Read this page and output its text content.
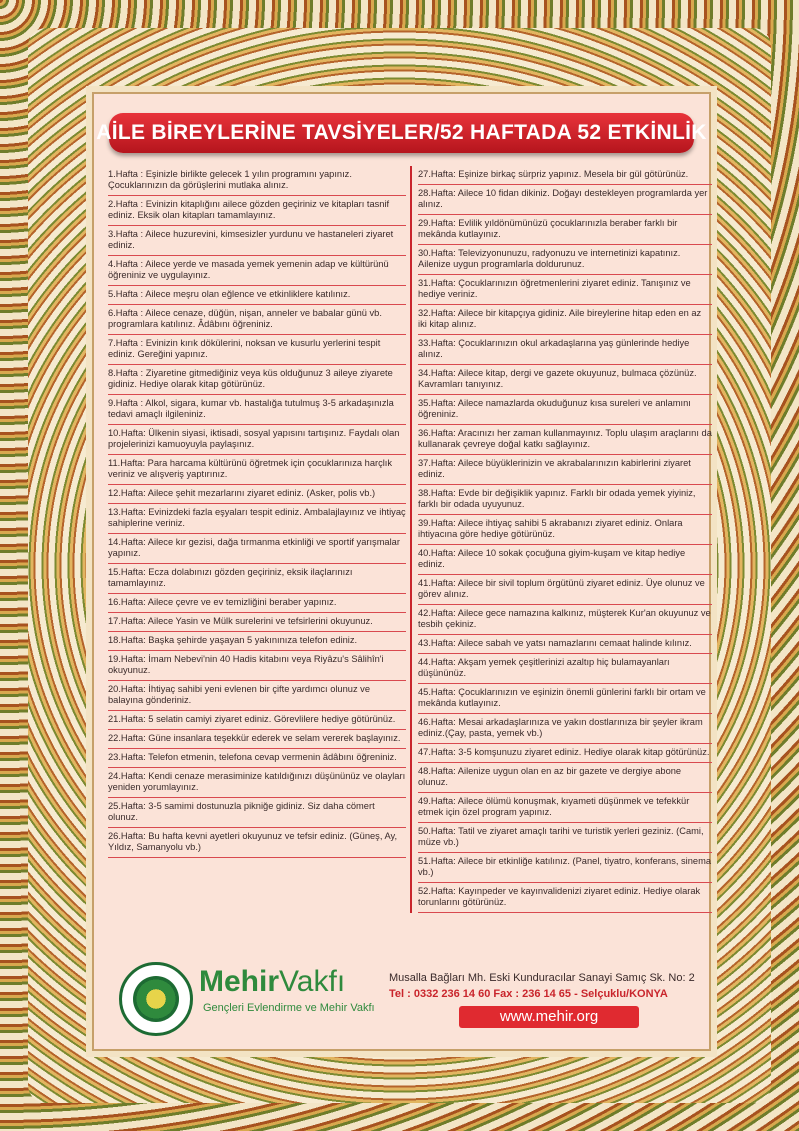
AİLE BİREYLERİNE TAVSİYELER/52 HAFTADA 52 ETKİNLİK
1.Hafta : Eşinizle birlikte gelecek 1 yılın programını yapınız. Çocuklarınızın da görüşlerini mutlaka alınız.
2.Hafta : Evinizin kitaplığını ailece gözden geçiriniz ve kitapları tasnif ediniz. Eksik olan kitapları tamamlayınız.
3.Hafta : Ailece huzurevini, kimsesizler yurdunu ve hastaneleri ziyaret ediniz.
4.Hafta : Ailece yerde ve masada yemek yemenin adap ve kültürünü öğreniniz ve uygulayınız.
5.Hafta : Ailece meşru olan eğlence ve etkinliklere katılınız.
6.Hafta : Ailece cenaze, düğün, nişan, anneler ve babalar günü vb. programlara katılınız. Âdâbını öğreniniz.
7.Hafta : Evinizin kırık dökülerini, noksan ve kusurlu yerlerini tespit ediniz. Gereğini yapınız.
8.Hafta : Ziyaretine gitmediğiniz veya küs olduğunuz 3 aileye ziyarete gidiniz. Hediye olarak kitap götürünüz.
9.Hafta : Alkol, sigara, kumar vb. hastalığa tutulmuş 3-5 arkadaşınızla tedavi amaçlı ilgileniniz.
10.Hafta: Ülkenin siyasi, iktisadi, sosyal yapısını tartışınız. Faydalı olan projelerinizi kamuoyuyla paylaşınız.
11.Hafta: Para harcama kültürünü öğretmek için çocuklarınıza harçlık veriniz ve alışveriş yaptırınız.
12.Hafta: Ailece şehit mezarlarını ziyaret ediniz. (Asker, polis vb.)
13.Hafta: Evinizdeki fazla eşyaları tespit ediniz. Ambalajlayınız ve ihtiyaç sahiplerine veriniz.
14.Hafta: Ailece kır gezisi, dağa tırmanma etkinliği ve sportif yarışmalar yapınız.
15.Hafta: Ecza dolabınızı gözden geçiriniz, eksik ilaçlarınızı tamamlayınız.
16.Hafta: Ailece çevre ve ev temizliğini beraber yapınız.
17.Hafta: Ailece Yasin ve Mülk surelerini ve tefsirlerini okuyunuz.
18.Hafta: Başka şehirde yaşayan 5 yakınınıza telefon ediniz.
19.Hafta: İmam Nebevi'nin 40 Hadis kitabını veya Riyâzu's Sâlihîn'i okuyunuz.
20.Hafta: İhtiyaç sahibi yeni evlenen bir çifte yardımcı olunuz ve balayına gönderiniz.
21.Hafta: 5 selatin camiyi ziyaret ediniz. Görevlilere hediye götürünüz.
22.Hafta: Güne insanlara teşekkür ederek ve selam vererek başlayınız.
23.Hafta: Telefon etmenin, telefona cevap vermenin âdâbını öğreniniz.
24.Hafta: Kendi cenaze merasiminize katıldığınızı düşününüz ve olayları yeniden yorumlayınız.
25.Hafta: 3-5 samimi dostunuzla pikniğe gidiniz. Siz daha cömert olunuz.
26.Hafta: Bu hafta kevni ayetleri okuyunuz ve tefsir ediniz. (Güneş, Ay, Yıldız, Samanyolu vb.)
27.Hafta: Eşinize birkaç sürpriz yapınız. Mesela bir gül götürünüz.
28.Hafta: Ailece 10 fidan dikiniz. Doğayı destekleyen programlarda yer alınız.
29.Hafta: Evlilik yıldönümünüzü çocuklarınızla beraber farklı bir mekânda kutlayınız.
30.Hafta: Televizyonunuzu, radyonuzu ve internetinizi kapatınız. Ailenize uygun programlarla doldurunuz.
31.Hafta: Çocuklarınızın öğretmenlerini ziyaret ediniz. Tanışınız ve hediye veriniz.
32.Hafta: Ailece bir kitapçıya gidiniz. Aile bireylerine hitap eden en az iki kitap alınız.
33.Hafta: Çocuklarınızın okul arkadaşlarına yaş günlerinde hediye alınız.
34.Hafta: Ailece kitap, dergi ve gazete okuyunuz, bulmaca çözünüz. Kavramları tanıyınız.
35.Hafta: Ailece namazlarda okuduğunuz kısa sureleri ve anlamını öğreniniz.
36.Hafta: Aracınızı her zaman kullanmayınız. Toplu ulaşım araçlarını da kullanarak çevreye doğal katkı sağlayınız.
37.Hafta: Ailece büyüklerinizin ve akrabalarınızın kabirlerini ziyaret ediniz.
38.Hafta: Evde bir değişiklik yapınız. Farklı bir odada yemek yiyiniz, farklı bir odada uyuyunuz.
39.Hafta: Ailece ihtiyaç sahibi 5 akrabanızı ziyaret ediniz. Onlara ihtiyacına göre hediye götürünüz.
40.Hafta: Ailece 10 sokak çocuğuna giyim-kuşam ve kitap hediye ediniz.
41.Hafta: Ailece bir sivil toplum örgütünü ziyaret ediniz. Üye olunuz ve görev alınız.
42.Hafta: Ailece gece namazına kalkınız, müşterek Kur'an okuyunuz ve tesbih çekiniz.
43.Hafta: Ailece sabah ve yatsı namazlarını cemaat halinde kılınız.
44.Hafta: Akşam yemek çeşitlerinizi azaltıp hiç bulamayanları düşününüz.
45.Hafta: Çocuklarınızın ve eşinizin önemli günlerini farklı bir ortam ve mekânda kutlayınız.
46.Hafta: Mesai arkadaşlarınıza ve yakın dostlarınıza bir şeyler ikram ediniz.(Çay, pasta, yemek vb.)
47.Hafta: 3-5 komşunuzu ziyaret ediniz. Hediye olarak kitap götürünüz.
48.Hafta: Ailenize uygun olan en az bir gazete ve dergiye abone olunuz.
49.Hafta: Ailece ölümü konuşmak, kıyameti düşünmek ve tefekkür etmek için özel program yapınız.
50.Hafta: Tatil ve ziyaret amaçlı tarihi ve turistik yerleri geziniz. (Cami, müze vb.)
51.Hafta: Ailece bir etkinliğe katılınız. (Panel, tiyatro, konferans, sinema vb.)
52.Hafta: Kayınpeder ve kayınvalidenizi ziyaret ediniz. Hediye olarak torunlarını götürünüz.
MehirVakfı
Gençleri Evlendirme ve Mehir Vakfı
Musalla Bağları Mh. Eski Kunduracılar Sanayi Samıç Sk. No: 2
Tel : 0332 236 14 60 Fax : 236 14 65 - Selçuklu/KONYA
www.mehir.org
